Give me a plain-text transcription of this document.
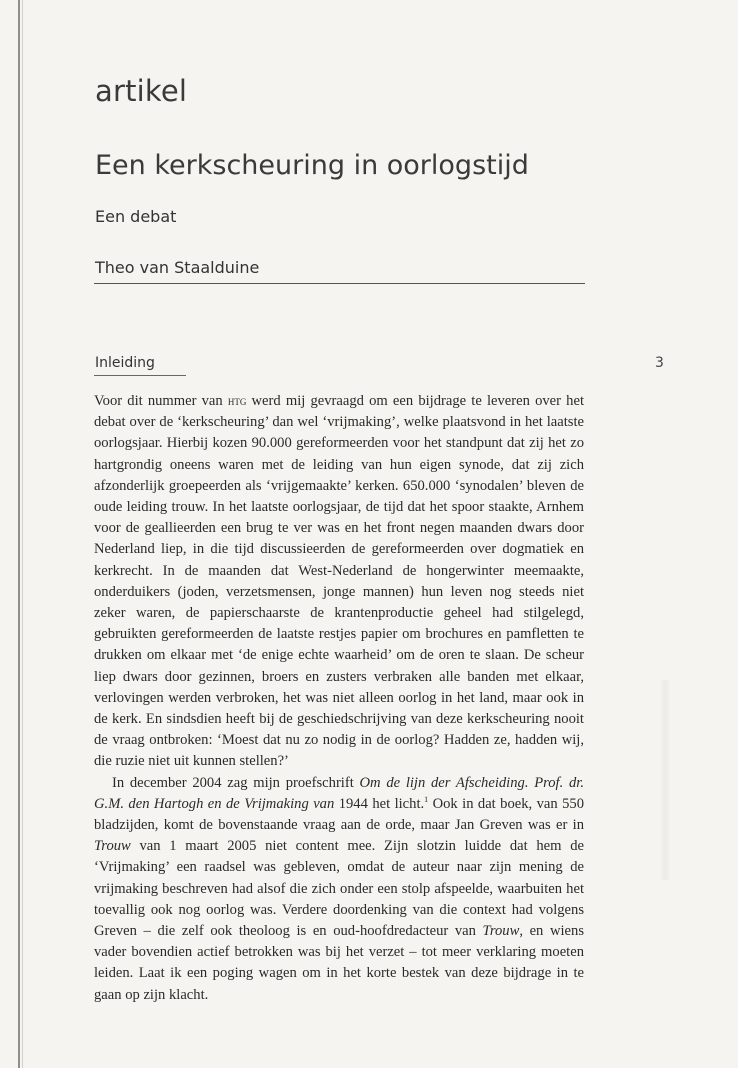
artikel
Een kerkscheuring in oorlogstijd
Een debat
Theo van Staalduine
Inleiding	3

Voor dit nummer van htg werd mij gevraagd om een bijdrage te leveren over het debat over de ‘kerkscheuring’ dan wel ‘vrijmaking’, welke plaatsvond in het laatste oorlogsjaar. Hierbij kozen 90.000 gereformeerden voor het standpunt dat zij het zo hartgrondig oneens waren met de leiding van hun eigen synode, dat zij zich afzonderlijk groepeerden als ‘vrijgemaakte’ kerken. 650.000 ‘synodalen’ bleven de oude leiding trouw. In het laatste oorlogsjaar, de tijd dat het spoor staakte, Arnhem voor de geallieerden een brug te ver was en het front negen maanden dwars door Nederland liep, in die tijd discussieerden de gereformeerden over dogmatiek en kerkrecht. In de maanden dat West-Nederland de hongerwinter meemaakte, onderduikers (joden, verzetsmensen, jonge mannen) hun leven nog steeds niet zeker waren, de papierschaarste de krantenproductie geheel had stilgelegd, gebruikten gereformeerden de laatste restjes papier om brochures en pamfletten te drukken om elkaar met ‘de enige echte waarheid’ om de oren te slaan. De scheur liep dwars door gezinnen, broers en zusters verbraken alle banden met elkaar, verlovingen werden verbroken, het was niet alleen oorlog in het land, maar ook in de kerk. En sindsdien heeft bij de geschiedschrijving van deze kerkscheuring nooit de vraag ontbroken: ‘Moest dat nu zo nodig in de oorlog? Hadden ze, hadden wij, die ruzie niet uit kunnen stellen?’

In december 2004 zag mijn proefschrift Om de lijn der Afscheiding. Prof. dr. G.M. den Hartogh en de Vrijmaking van 1944 het licht.$^1$ Ook in dat boek, van 550 bladzijden, komt de bovenstaande vraag aan de orde, maar Jan Greven was er in Trouw van 1 maart 2005 niet content mee. Zijn slotzin luidde dat hem de ‘Vrijmaking’ een raadsel was gebleven, omdat de auteur naar zijn mening de vrijmaking beschreven had alsof die zich onder een stolp afspeelde, waarbuiten het toevallig ook nog oorlog was. Verdere doordenking van die context had volgens Greven – die zelf ook theoloog is en oud-hoofdredacteur van Trouw, en wiens vader bovendien actief betrokken was bij het verzet – tot meer verklaring moeten leiden. Laat ik een poging wagen om in het korte bestek van deze bijdrage in te gaan op zijn klacht.
